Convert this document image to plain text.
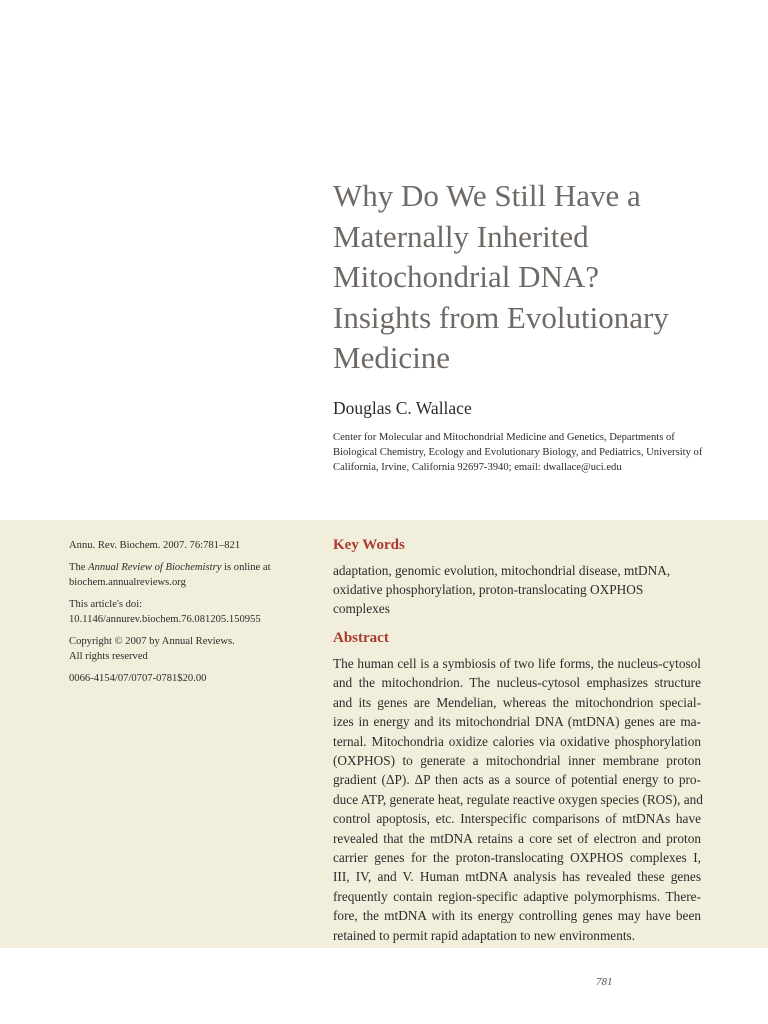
Why Do We Still Have a
Maternally Inherited
Mitochondrial DNA?
Insights from Evolutionary
Medicine
Douglas C. Wallace
Center for Molecular and Mitochondrial Medicine and Genetics, Departments of
Biological Chemistry, Ecology and Evolutionary Biology, and Pediatrics, University of
California, Irvine, California 92697-3940; email: dwallace@uci.edu

Annu. Rev. Biochem. 2007. 76:781–821

The Annual Review of Biochemistry is online at
biochem.annualreviews.org

This article's doi:
10.1146/annurev.biochem.76.081205.150955

Copyright © 2007 by Annual Reviews.
All rights reserved

0066-4154/07/0707-0781$20.00

Key Words
adaptation, genomic evolution, mitochondrial disease, mtDNA,
oxidative phosphorylation, proton-translocating OXPHOS
complexes
Abstract
The human cell is a symbiosis of two life forms, the nucleus-cytosol
and the mitochondrion. The nucleus-cytosol emphasizes structure
and its genes are Mendelian, whereas the mitochondrion special-
izes in energy and its mitochondrial DNA (mtDNA) genes are ma-
ternal. Mitochondria oxidize calories via oxidative phosphorylation
(OXPHOS) to generate a mitochondrial inner membrane proton
gradient (ΔP). ΔP then acts as a source of potential energy to pro-
duce ATP, generate heat, regulate reactive oxygen species (ROS), and
control apoptosis, etc. Interspecific comparisons of mtDNAs have
revealed that the mtDNA retains a core set of electron and proton
carrier genes for the proton-translocating OXPHOS complexes I,
III, IV, and V. Human mtDNA analysis has revealed these genes
frequently contain region-specific adaptive polymorphisms. There-
fore, the mtDNA with its energy controlling genes may have been
retained to permit rapid adaptation to new environments.
781
